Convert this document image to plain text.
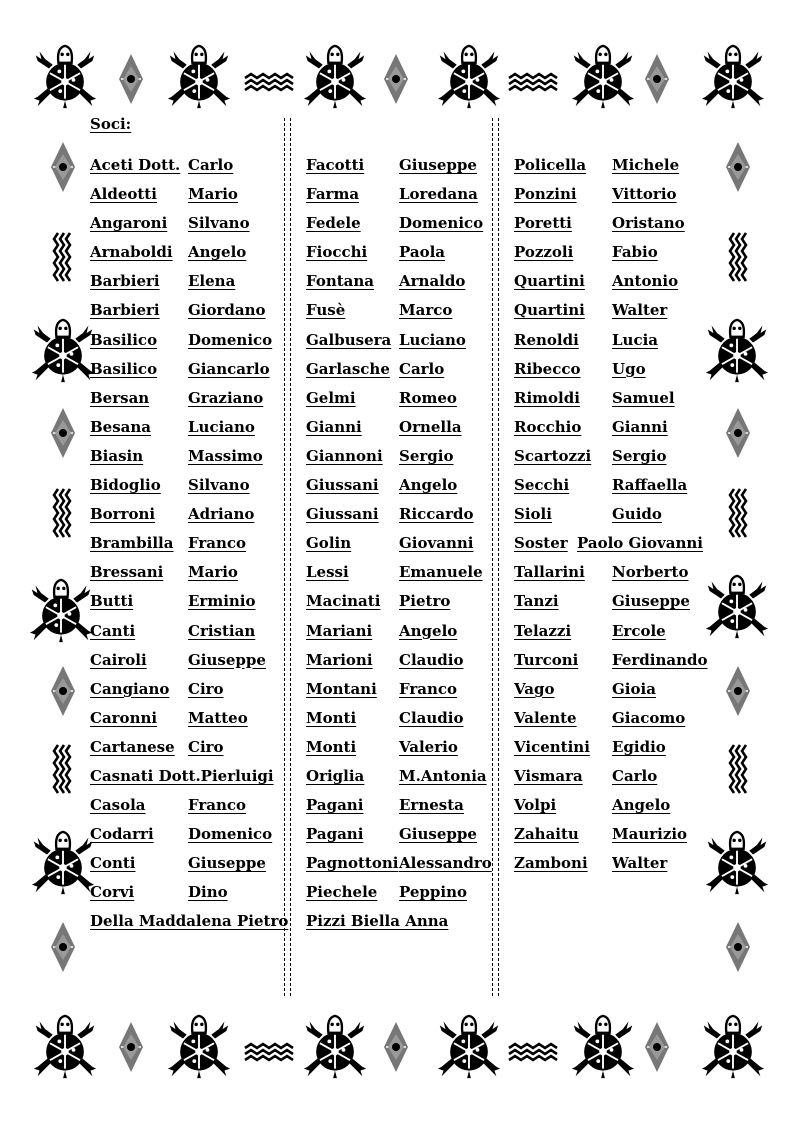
Soci:
Aceti Dott. Carlo
Aldeotti Mario
Angaroni Silvano
Arnaboldi Angelo
Barbieri Elena
Barbieri Giordano
Basilico Domenico
Basilico Giancarlo
Bersan	Graziano
Besana Luciano
Biasin	Massimo
Bidoglio Silvano
Borroni Adriano
Brambilla Franco
Bressani Mario
Butti	Erminio
Canti	Cristian
Cairoli	Giuseppe
Cangiano Ciro
Caronni Matteo
Cartanese Ciro
Casnati Dott.Pierluigi
Casola	Franco
Codarri Domenico
Conti	Giuseppe
Corvi	Dino
Della Maddalena Pietro
Facotti Giuseppe
Farma	Loredana
Fedele	Domenico
Fiocchi Paola
Fontana Arnaldo
Fusè	Marco
Galbusera Luciano
Garlasche Carlo
Gelmi	Romeo
Gianni Ornella
Giannoni Sergio
Giussani Angelo
Giussani Riccardo
Golin	Giovanni
Lessi	Emanuele
Macinati Pietro
Mariani Angelo
Marioni Claudio
Montani Franco
Monti	Claudio
Monti	Valerio
Origlia M.Antonia
Pagani Ernesta
Pagani Giuseppe
Pagnottoni Alessandro
Piechele Peppino
Pizzi Biella Anna
Policella Michele
Ponzini Vittorio
Poretti	Oristano
Pozzoli	Fabio
Quartini Antonio
Quartini Walter
Renoldi Lucia
Ribecco Ugo
Rimoldi Samuel
Rocchio Gianni
Scartozzi Sergio
Secchi	Raffaella
Sioli	Guido
Soster Paolo Giovanni
Tallarini Norberto
Tanzi	Giuseppe
Telazzi	Ercole
Turconi Ferdinando
Vago	Gioia
Valente Giacomo
Vicentini Egidio
Vismara Carlo
Volpi	Angelo
Zahaitu Maurizio
Zamboni Walter
